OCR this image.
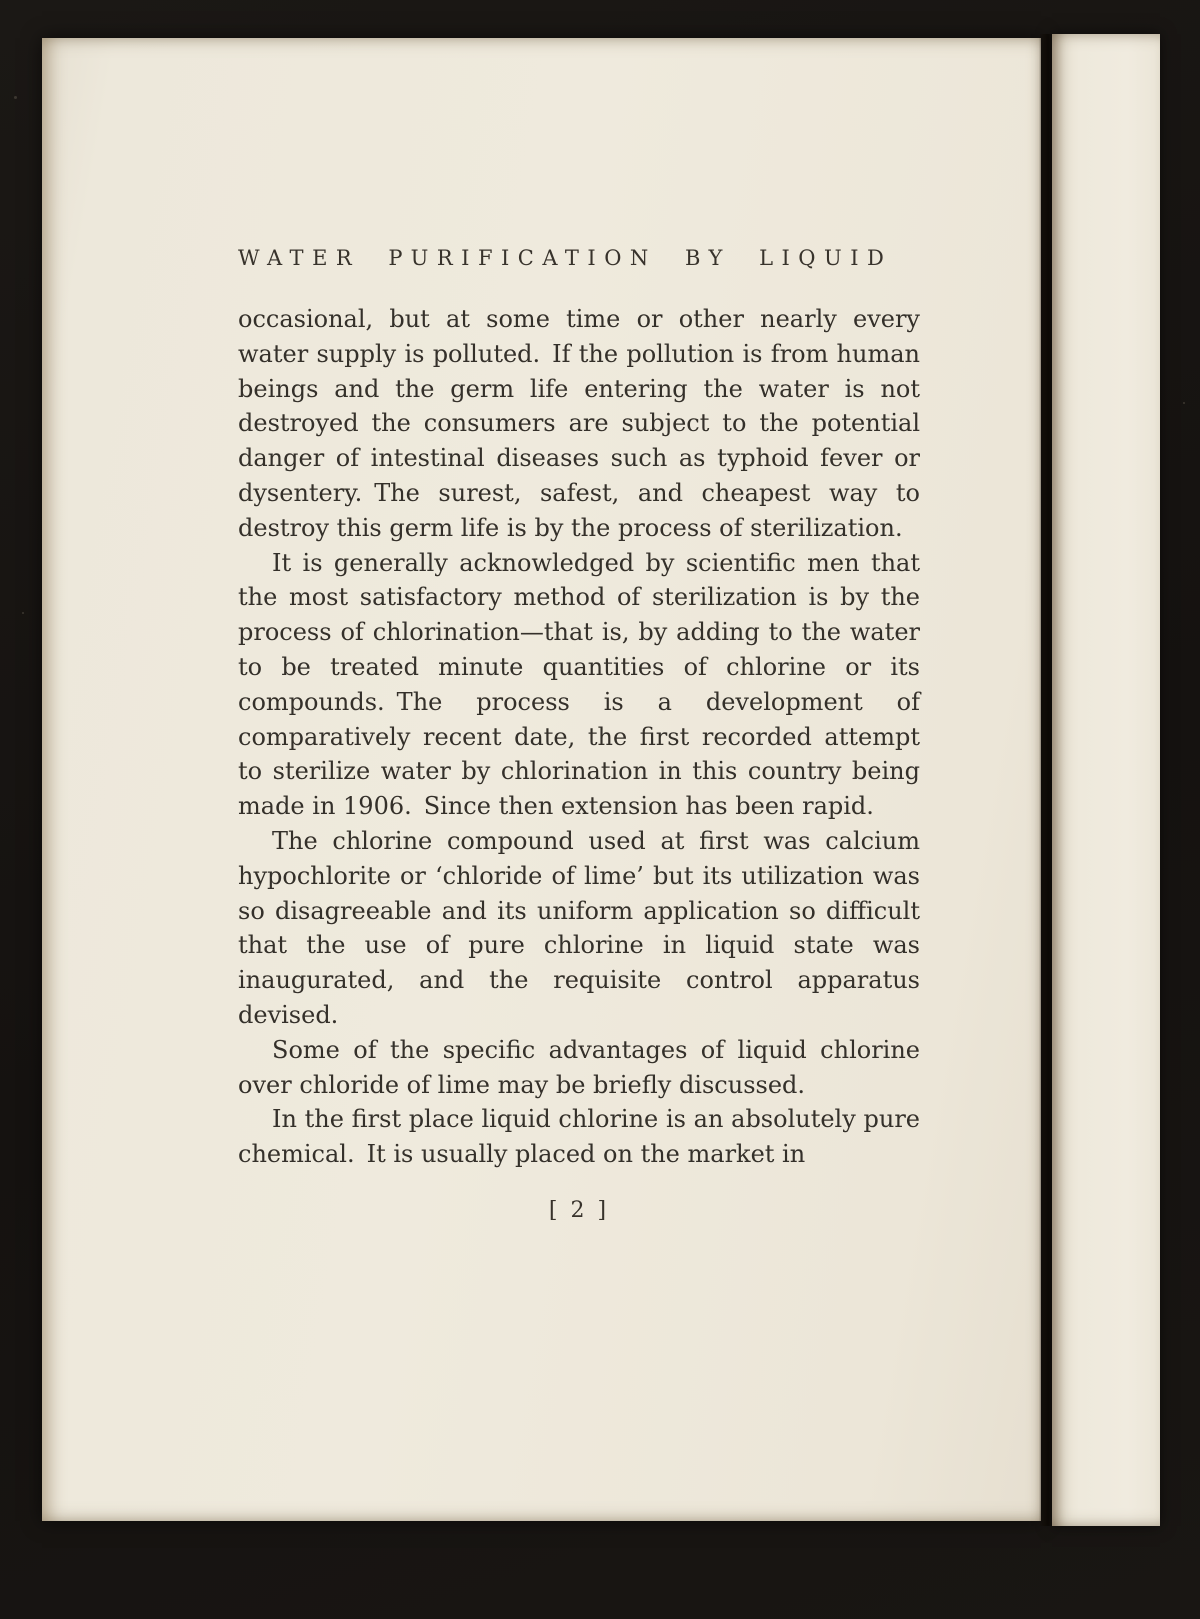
WATER PURIFICATION BY LIQUID

occasional, but at some time or other nearly every water supply is polluted. If the pollution is from human beings and the germ life entering the water is not destroyed the consumers are subject to the potential danger of intestinal diseases such as typhoid fever or dysentery. The surest, safest, and cheapest way to destroy this germ life is by the process of sterilization.

It is generally acknowledged by scientific men that the most satisfactory method of sterilization is by the process of chlorination—that is, by adding to the water to be treated minute quantities of chlorine or its compounds. The process is a development of comparatively recent date, the first recorded attempt to sterilize water by chlorination in this country being made in 1906. Since then extension has been rapid.

The chlorine compound used at first was calcium hypochlorite or ‘chloride of lime’ but its utilization was so disagreeable and its uniform application so difficult that the use of pure chlorine in liquid state was inaugurated, and the requisite control apparatus devised.

Some of the specific advantages of liquid chlorine over chloride of lime may be briefly discussed.

In the first place liquid chlorine is an absolutely pure chemical. It is usually placed on the market in

[ 2 ]
